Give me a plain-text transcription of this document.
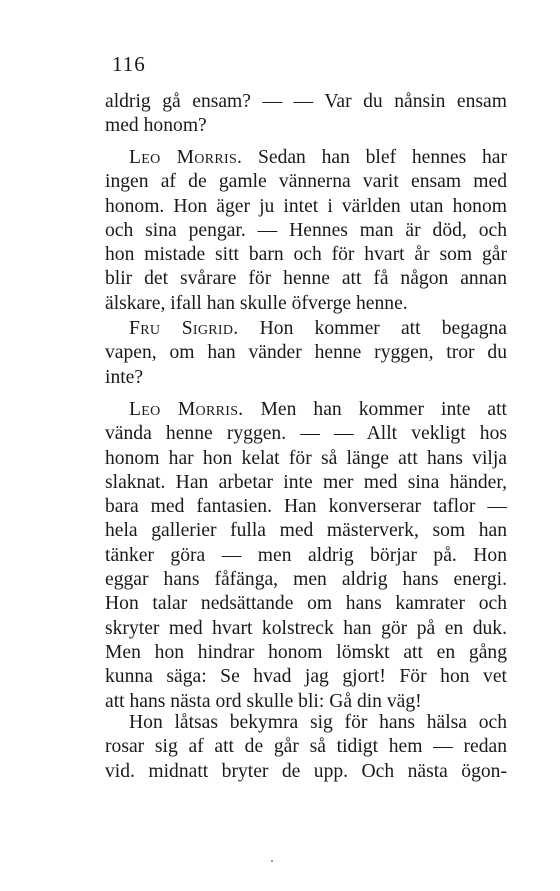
116
aldrig gå ensam? — — Var du nånsin ensam
med honom?
Leo Morris. Sedan han blef hennes har
ingen af de gamle vännerna varit ensam med
honom. Hon äger ju intet i världen utan honom
och sina pengar. — Hennes man är död, och
hon mistade sitt barn och för hvart år som går
blir det svårare för henne att få någon annan
älskare, ifall han skulle öfverge henne.
Fru Sigrid. Hon kommer att begagna
vapen, om han vänder henne ryggen, tror du
inte?
Leo Morris. Men han kommer inte att
vända henne ryggen. — — Allt vekligt hos
honom har hon kelat för så länge att hans vilja
slaknat. Han arbetar inte mer med sina händer,
bara med fantasien. Han konverserar taflor —
hela gallerier fulla med mästerverk, som han
tänker göra — men aldrig börjar på. Hon
eggar hans fåfänga, men aldrig hans energi.
Hon talar nedsättande om hans kamrater och
skryter med hvart kolstreck han gör på en duk.
Men hon hindrar honom lömskt att en gång
kunna säga: Se hvad jag gjort! För hon vet
att hans nästa ord skulle bli: Gå din väg!
Hon låtsas bekymra sig för hans hälsa och
rosar sig af att de går så tidigt hem — redan
vid. midnatt bryter de upp. Och nästa ögon-
